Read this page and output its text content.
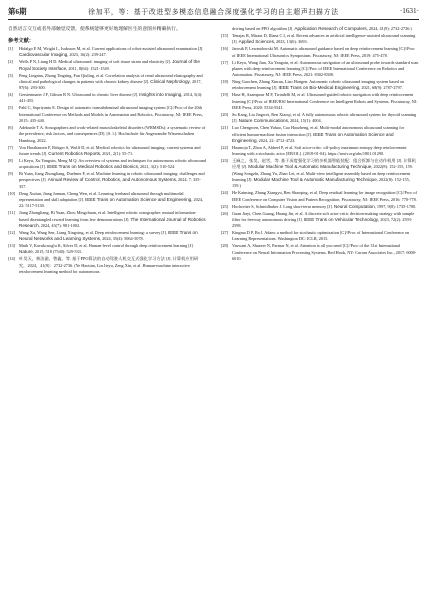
第6期	徐加平，等：基于改进型多模态信息融合深度强化学习的自主超声扫描方法	·1631·

自然语言交互或者外部触觉反馈，使系统能够更好地理解医生的意图并精确执行。

参考文献：
[1]	Hidalgo E M, Wright L, Isaksson M, et al. Current applications of robot-assisted ultrasound examination [J]. Cardiovascular Imaging, 2023, 16(2): 239-247.
[2]	Wells P N, Liang H D. Medical ultrasound: imaging of soft tissue strain and elasticity [J]. Journal of the Royal Society Interface, 2011, 8(64): 1521-1549.
[3]	Peng Lingnan, Zhong Tingting, Fan Qiuling, et al. Correlation analysis of renal ultrasound elastography and clinical and pathological changes in patients with chronic kidney disease [J]. Clinical Nephrology, 2017, 87(6): 293-300.
[4]	Gerstenmaier J F, Gibson R N. Ultrasound in chronic liver disease [J]. Insights into Imaging, 2014, 5(4): 441-455.
[5]	Pahl C, Supriyanto E. Design of automatic transabdominal ultrasound imaging system [C]//Proc of the 20th International Conference on Methods and Models in Automation and Robotics. Piscataway, NJ: IEEE Press, 2015: 435-440.
[6]	Adekunle T A. Sonographers and work-related musculoskeletal disorders (WRMSDs): a systematic review of the prevalence, risk factors, and consequences [D]. [S. l.]: Hochschule für Angewandte Wissenschaften Hamburg, 2022.
[7]	Von Haxthausen F, Böttger S, Wulff D, et al. Medical robotics for ultrasound imaging: current systems and future trends [J]. Current Robotics Reports, 2021, 2(1): 55-71.
[8]	Li Keyu, Xu Yangxin, Meng M Q. An overview of systems and techniques for autonomous robotic ultrasound acquisitions [J]. IEEE Trans on Medical Robotics and Bionics, 2021, 3(2): 510-524.
[9]	Bi Yuan, Jiang Zhongliang, Duelmer F, et al. Machine learning in robotic ultrasound imaging: challenges and perspectives [J]. Annual Review of Control, Robotics, and Autonomous Systems, 2024, 7: 335-357.
[10] Deng Xutian, Jiang Junnan, Cheng Wen, et al. Learning freehand ultrasound through multimodal representation and skill adaptation [J]. IEEE Trans on Automation Science and Engineering, 2024, 22: 5117-5130.
[11] Jiang Zhongliang, Bi Yuan, Zhou Mingchuan, et al. Intelligent robotic sonographer: mutual information-based disentangled reward learning from few demonstrations [J]. The International Journal of Robotics Research, 2024, 43(7): 981-1002.
[12] Wang Xu, Wang Sen, Liang Xingxing, et al. Deep reinforcement learning: a survey [J]. IEEE Trans on Neural Networks and Learning Systems, 2024, 35(4): 5064-5078.
[13] Mnih V, Kavukcuoglu K, Silver D, et al. Human-level control through deep reinforcement learning [J]. Nature, 2015, 518 (7540): 529-533.
[14] 叶昊天，林洁渝，曾鑫，等. 基于PPO算法的自动驾驶人机交互式强化学习方法 [J]. 计算机应用研究，2024，41(9)：2732-2736. (Ye Haotian, Lin Jieyu, Zeng Xin, et al. Human-machine interactive reinforcement learning method for autonomous
driving based on PPO algorithm [J]. Application Research of Computers, 2024, 41(9): 2732-2736.)
[15] Tenajas R, Miraut D, Illana C I, et al. Recent advances in artificial intelligence-assisted ultrasound scanning [J]. Applied Sciences, 2023, 13(6): 3693.
[16] Jarosik P, Lewandowski M. Automatic ultrasound guidance based on deep reinforcement learning [C]//Proc of IEEE International Ultrasonics Symposium. Piscataway, NJ: IEEE Press, 2019: 475-478.
[17] Li Keyu, Wang Jian, Xu Yangxin, et al. Autonomous navigation of an ultrasound probe towards standard scan planes with deep reinforcement learning [C]//Proc of IEEE International Conference on Robotics and Automation. Piscataway, NJ: IEEE Press, 2021: 8302-8308.
[18] Ning Guochen, Zhang Xinran, Liao Hongen. Autonomic robotic ultrasound imaging system based on reinforcement learning [J]. IEEE Trans on Bio-Medical Engineering, 2021, 68(9): 2787-2797.
[19] Hase H, Azampour M F, Tirindelli M, et al. Ultrasound-guided robotic navigation with deep reinforcement learning [C]//Proc of IEEE/RSJ International Conference on Intelligent Robots and Systems. Piscataway, NJ: IEEE Press, 2020: 5534-5541.
[20] Su Kang, Liu Jingwei, Ren Xiaoqi, et al. A fully autonomous robotic ultrasound system for thyroid scanning [J]. Nature Communications, 2024, 15(1): 4004.
[21] Luo Chengwen, Chen Yuhao, Cao Haozheng, et al. Multi-modal autonomous ultrasound scanning for efficient human-machine fusion interaction [J]. IEEE Trans on Automation Science and Engineering, 2024, 22: 4712-4723.
[22] Haarnoja T, Zhou A, Abbeel P, et al. Soft actor-critic: off-policy maximum entropy deep reinforcement learning with a stochastic actor [EB/OL]. (2018-01-04). https://arxiv.org/abs/1801.01290.
[23] 王麻之，张昊，赵雪，等. 基于深度强化学习的多机器智能装配：组合拆卸与在动作机用 [J]. 计算机应用 [J]. Modular Machine Tool & Automatic Manufacturing Technique, 2022(8): 152-155, 159. (Wang Songzhi, Zhang Yu, Zhao Lei, et al. Multi-view intelligent assembly based on deep reinforcement learning [J]. Modular Machine Tool & Automatic Manufacturing Technique, 2022(8): 152-155, 159.)
[24] He Kaiming, Zhang Xiangyu, Ren Shaoqing, et al. Deep residual learning for image recognition [C]//Proc of IEEE Conference on Computer Vision and Pattern Recognition. Piscataway, NJ: IEEE Press, 2016: 770-778.
[25] Hochreiter S, Schmidhuber J. Long short-term memory [J]. Neural Computation, 1997, 9(8): 1735-1780.
[26] Guan Jiayi, Chen Guang, Huang Jin, et al. A discrete soft actor-critic decision-making strategy with sample filter for freeway autonomous driving [J]. IEEE Trans on Vehicular Technology, 2023, 72(2): 2593-2598.
[27] Kingma D P, Ba J. Adam: a method for stochastic optimization [C]//Proc of International Conference on Learning Representations. Washington DC: ICLR, 2015.
[28] Vaswani A, Shazeer N, Parmar N, et al. Attention is all you need [C]//Proc of the 31st International Conference on Neural Information Processing Systems. Red Hook, NY: Curran Associates Inc., 2017: 6000-6010.
